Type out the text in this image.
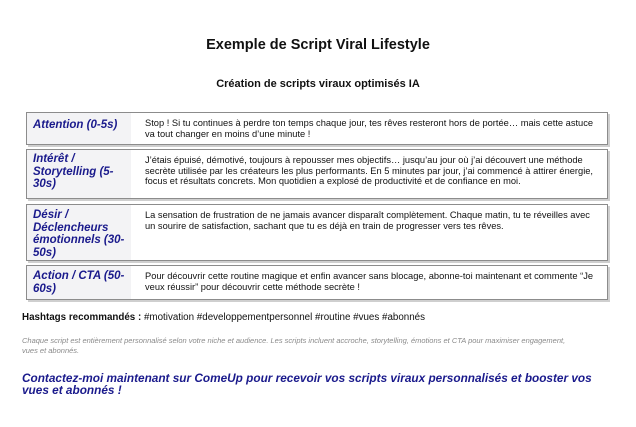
Exemple de Script Viral Lifestyle
Création de scripts viraux optimisés IA
Attention (0-5s)	Stop ! Si tu continues à perdre ton temps chaque jour, tes rêves resteront hors de portée… mais cette astuce va tout changer en moins d’une minute !
Intérêt / Storytelling (5-30s)
J’étais épuisé, démotivé, toujours à repousser mes objectifs… jusqu’au jour où j’ai découvert une méthode secrète utilisée par les créateurs les plus performants. En 5 minutes par jour, j’ai commencé à attirer énergie, focus et résultats concrets. Mon quotidien a explosé de productivité et de confiance en moi.
Désir / Déclencheurs émotionnels (30-50s)
La sensation de frustration de ne jamais avancer disparaît complètement. Chaque matin, tu te réveilles avec un sourire de satisfaction, sachant que tu es déjà en train de progresser vers tes rêves.
Action / CTA (50-60s)
Pour découvrir cette routine magique et enfin avancer sans blocage, abonne-toi maintenant et commente “Je veux réussir” pour découvrir cette méthode secrète !

Hashtags recommandés : #motivation #developpementpersonnel #routine #vues #abonnés

Chaque script est entièrement personnalisé selon votre niche et audience. Les scripts incluent accroche, storytelling, émotions et CTA pour maximiser engagement, vues et abonnés.

Contactez-moi maintenant sur ComeUp pour recevoir vos scripts viraux personnalisés et booster vos vues et abonnés !
